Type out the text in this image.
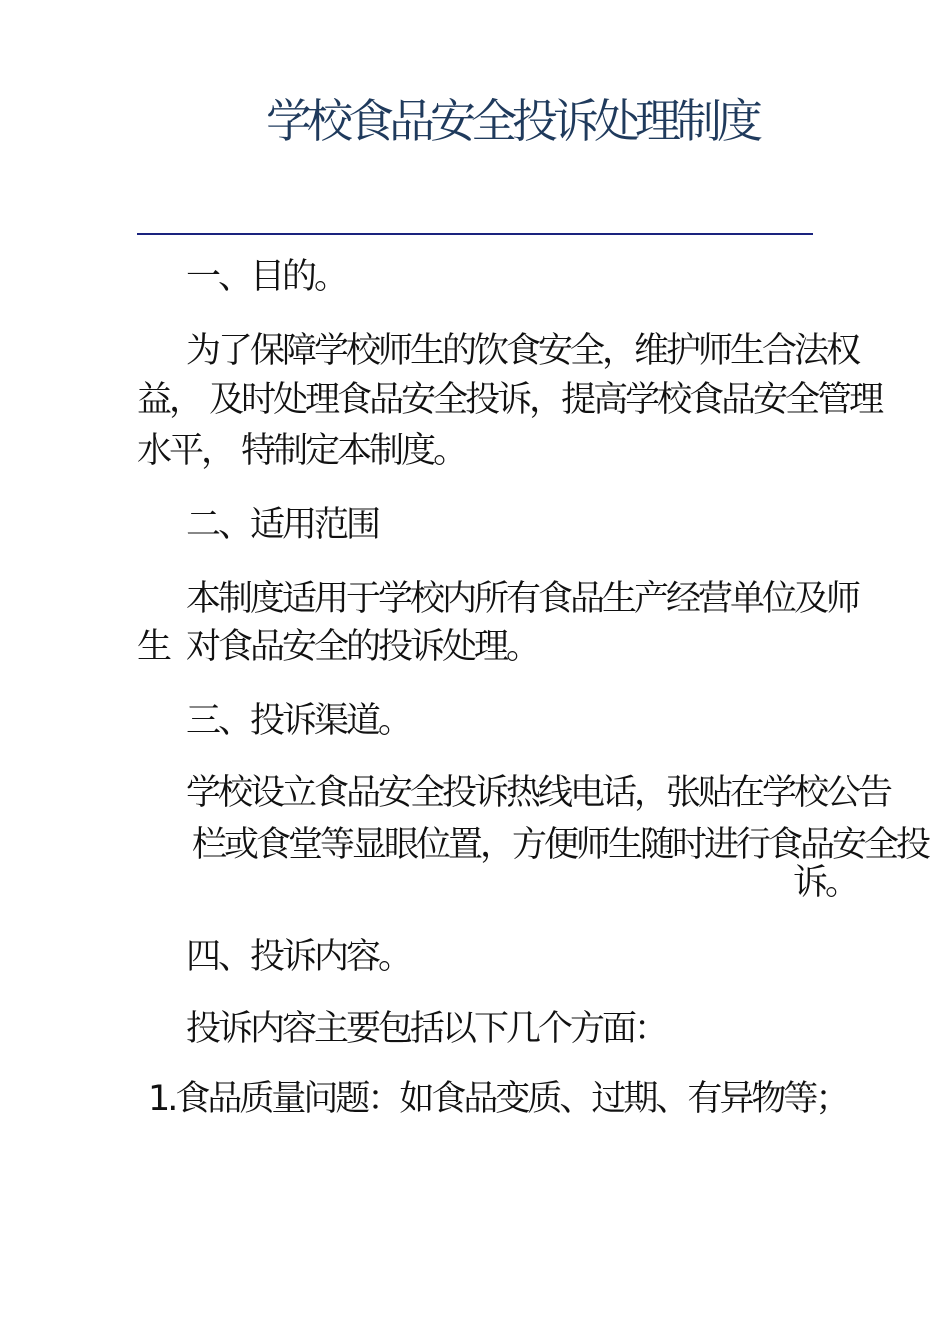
学校食品安全投诉处理制度
一、目的。
为了保障学校师生的饮食安全，维护师生合法权
益， 及时处理食品安全投诉，提高学校食品安全管理
水平， 特制定本制度。
二、适用范围
本制度适用于学校内所有食品生产经营单位及师
生 对食品安全的投诉处理。
三、投诉渠道。
学校设立食品安全投诉热线电话，张贴在学校公告
栏或食堂等显眼位置，方便师生随时进行食品安全投
诉。
四、投诉内容。
投诉内容主要包括以下几个方面：
1.食品质量问题：如食品变质、过期、有异物等；
